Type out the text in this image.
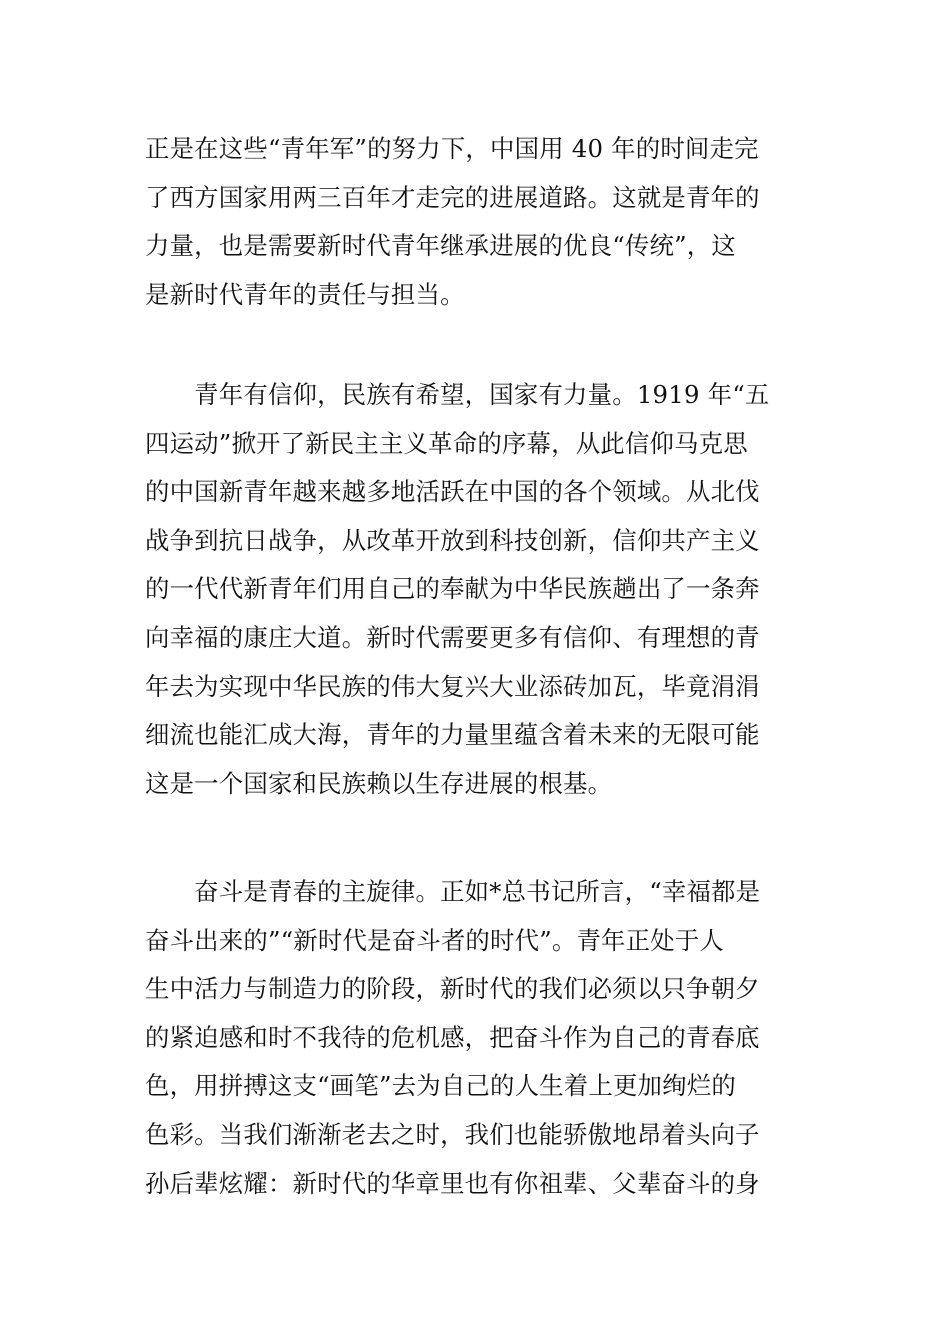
正是在这些“青年军”的努力下，中国用 40 年的时间走完
了西方国家用两三百年才走完的进展道路。这就是青年的
力量，也是需要新时代青年继承进展的优良“传统”，这
是新时代青年的责任与担当。

　　青年有信仰，民族有希望，国家有力量。1919 年“五
四运动”掀开了新民主主义革命的序幕，从此信仰马克思
的中国新青年越来越多地活跃在中国的各个领域。从北伐
战争到抗日战争，从改革开放到科技创新，信仰共产主义
的一代代新青年们用自己的奉献为中华民族趟出了一条奔
向幸福的康庄大道。新时代需要更多有信仰、有理想的青
年去为实现中华民族的伟大复兴大业添砖加瓦，毕竟涓涓
细流也能汇成大海，青年的力量里蕴含着未来的无限可能
这是一个国家和民族赖以生存进展的根基。

　　奋斗是青春的主旋律。正如*总书记所言，“幸福都是
奋斗出来的”“新时代是奋斗者的时代”。青年正处于人
生中活力与制造力的阶段，新时代的我们必须以只争朝夕
的紧迫感和时不我待的危机感，把奋斗作为自己的青春底
色，用拼搏这支“画笔”去为自己的人生着上更加绚烂的
色彩。当我们渐渐老去之时，我们也能骄傲地昂着头向子
孙后辈炫耀：新时代的华章里也有你祖辈、父辈奋斗的身
